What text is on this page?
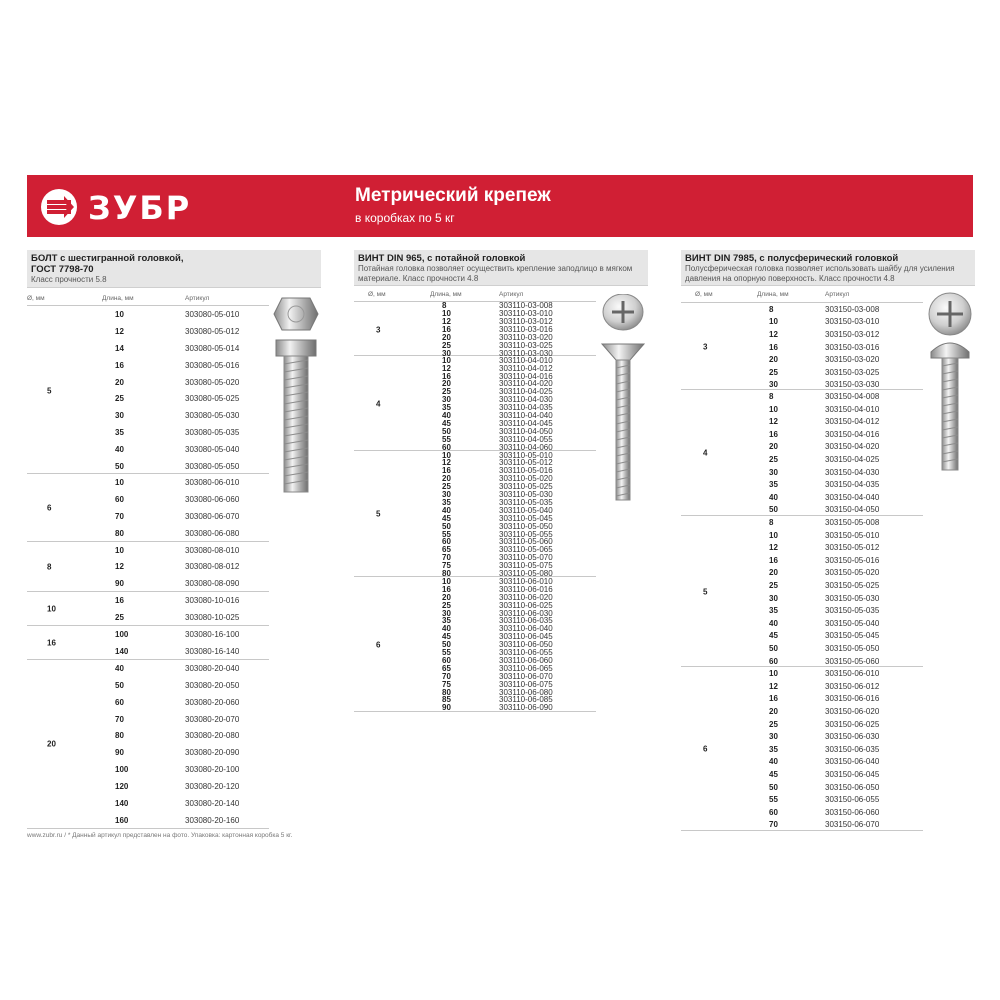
ЗУБР	Метрический крепеж
в коробках по 5 кг
БОЛТ с шестигранной головкой,
ГОСТ 7798-70
Класс прочности 5.8
Ø, мм	Длина, мм	Артикул
5
10	303080-05-010
12	303080-05-012
14	303080-05-014
16	303080-05-016
20	303080-05-020
25	303080-05-025
30	303080-05-030
35	303080-05-035
40	303080-05-040
50	303080-05-050
6
10	303080-06-010
60	303080-06-060
70	303080-06-070
80	303080-06-080
8
10	303080-08-010
12	303080-08-012
90	303080-08-090
10
16	303080-10-016
25	303080-10-025
16
100	303080-16-100
140	303080-16-140
20
40	303080-20-040
50	303080-20-050
60	303080-20-060
70	303080-20-070
80	303080-20-080
90	303080-20-090
100	303080-20-100
120	303080-20-120
140	303080-20-140
160	303080-20-160
ВИНТ DIN 965, с потайной головкой
Потайная головка позволяет осуществить крепление заподлицо в мягком
материале. Класс прочности 4.8
Ø, мм	Длина, мм	Артикул
3
8	303110-03-008
10	303110-03-010
12	303110-03-012
16	303110-03-016
20	303110-03-020
25	303110-03-025
30	303110-03-030
4
10	303110-04-010
12	303110-04-012
16	303110-04-016
20	303110-04-020
25	303110-04-025
30	303110-04-030
35	303110-04-035
40	303110-04-040
45	303110-04-045
50	303110-04-050
55	303110-04-055
60	303110-04-060
5
10	303110-05-010
12	303110-05-012
16	303110-05-016
20	303110-05-020
25	303110-05-025
30	303110-05-030
35	303110-05-035
40	303110-05-040
45	303110-05-045
50	303110-05-050
55	303110-05-055
60	303110-05-060
65	303110-05-065
70	303110-05-070
75	303110-05-075
80	303110-05-080
6
10	303110-06-010
16	303110-06-016
20	303110-06-020
25	303110-06-025
30	303110-06-030
35	303110-06-035
40	303110-06-040
45	303110-06-045
50	303110-06-050
55	303110-06-055
60	303110-06-060
65	303110-06-065
70	303110-06-070
75	303110-06-075
80	303110-06-080
85	303110-06-085
90	303110-06-090
ВИНТ DIN 7985, с полусферический головкой
Полусферическая головка позволяет использовать шайбу для усиления
давления на опорную поверхность. Класс прочности 4.8
Ø, мм	Длина, мм	Артикул
3
8	303150-03-008
10	303150-03-010
12	303150-03-012
16	303150-03-016
20	303150-03-020
25	303150-03-025
30	303150-03-030
4
8	303150-04-008
10	303150-04-010
12	303150-04-012
16	303150-04-016
20	303150-04-020
25	303150-04-025
30	303150-04-030
35	303150-04-035
40	303150-04-040
50	303150-04-050
5
8	303150-05-008
10	303150-05-010
12	303150-05-012
16	303150-05-016
20	303150-05-020
25	303150-05-025
30	303150-05-030
35	303150-05-035
40	303150-05-040
45	303150-05-045
50	303150-05-050
60	303150-05-060
6
10	303150-06-010
12	303150-06-012
16	303150-06-016
20	303150-06-020
25	303150-06-025
30	303150-06-030
35	303150-06-035
40	303150-06-040
45	303150-06-045
50	303150-06-050
55	303150-06-055
60	303150-06-060
70	303150-06-070
www.zubr.ru / * Данный артикул представлен на фото. Упаковка: картонная коробка 5 кг.
